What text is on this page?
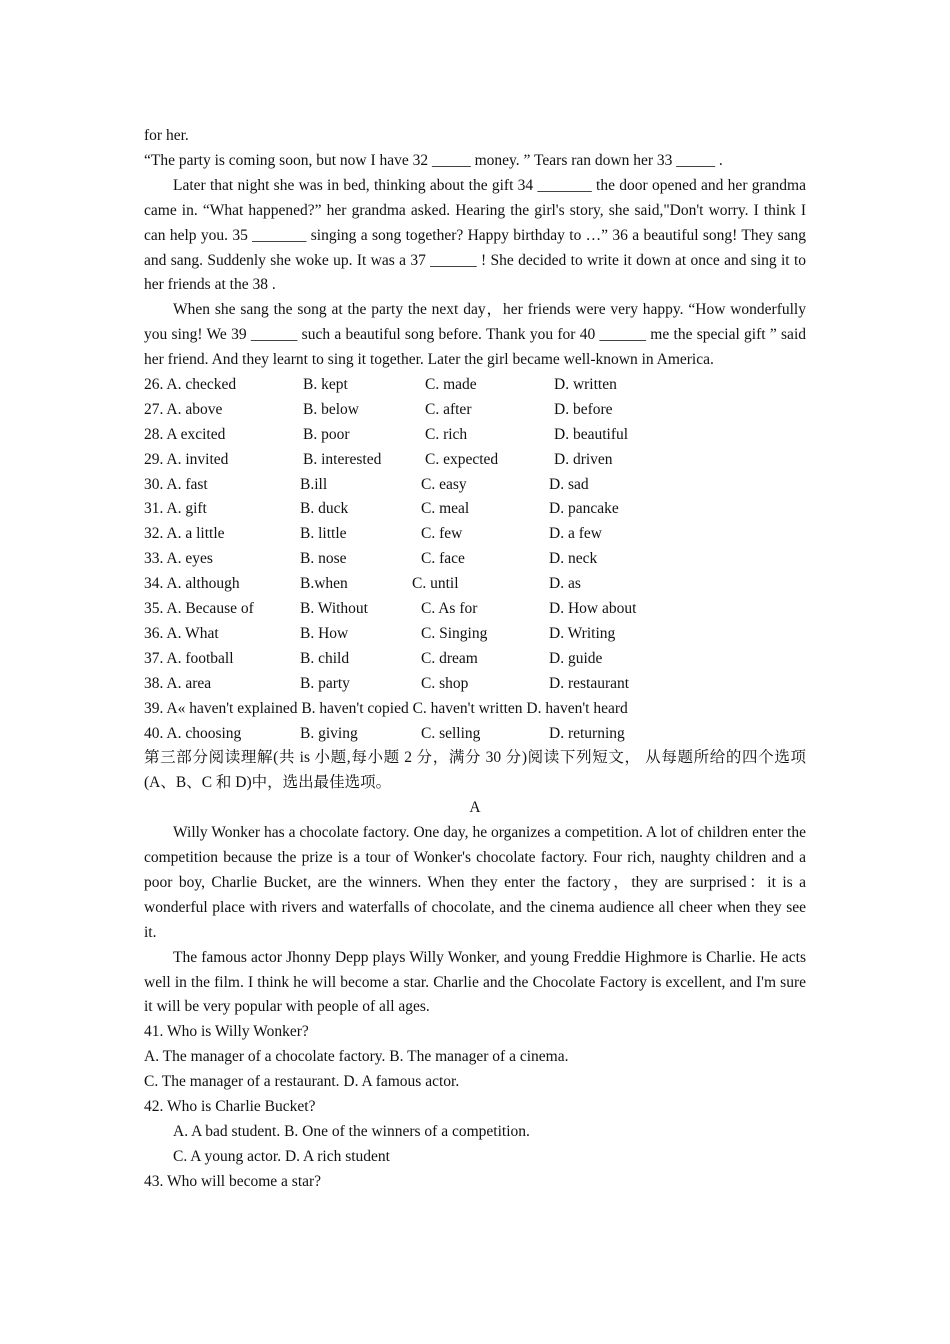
for her.
“The party is coming soon, but now I have 32 _____ money. ” Tears ran down her 33 _____ .
Later that night she was in bed, thinking about the gift 34 _______ the door opened and her grandma came in. “What happened?” her grandma asked. Hearing the girl's story, she said,"Don't worry. I think I can help you. 35 _______ singing a song together? Happy birthday to …” 36 a beautiful song! They sang and sang. Suddenly she woke up. It was a 37 ______ ! She decided to write it down at once and sing it to her friends at the 38 .
When she sang the song at the party the next day，her friends were very happy. “How wonderfully you sing! We 39 ______ such a beautiful song before. Thank you for 40 ______ me the special gift ” said her friend. And they learnt to sing it together. Later the girl became well-known in America.
26. A. checked	B. kept	C. made	D. written
27. A. above	B. below	C. after	D. before
28. A excited	B. poor	C. rich	D. beautiful
29. A. invited	B. interested	C. expected	D. driven
30. A. fast	B.ill	C. easy	D. sad
31. A. gift	B. duck	C. meal	D. pancake
32. A. a little	B. little	C. few	D. a few
33. A. eyes	B. nose	C. face	D. neck
34. A. although	B.when	C. until	D. as
35. A. Because of	B. Without	C. As for	D. How about
36. A. What	B. How	C. Singing	D. Writing
37. A. football	B. child	C. dream	D. guide
38. A. area	B. party	C. shop	D. restaurant
39. A« haven't explained B. haven't copied C. haven't written D. haven't heard
40. A. choosing	B. giving	C. selling	D. returning
第三部分阅读理解(共 is 小题,每小题 2 分，满分 30 分)阅读下列短文， 从每题所给的四个选项(A、B、C 和 D)中，选出最佳选项。
A
Willy Wonker has a chocolate factory. One day, he organizes a competition. A lot of children enter the competition because the prize is a tour of Wonker's chocolate factory. Four rich, naughty children and a poor boy, Charlie Bucket, are the winners. When they enter the factory，they are surprised：it is a wonderful place with rivers and waterfalls of chocolate, and the cinema audience all cheer when they see it.
The famous actor Jhonny Depp plays Willy Wonker, and young Freddie Highmore is Charlie. He acts well in the film. I think he will become a star. Charlie and the Chocolate Factory is excellent, and I'm sure it will be very popular with people of all ages.
41. Who is Willy Wonker?
A. The manager of a chocolate factory. B. The manager of a cinema.
C. The manager of a restaurant. D. A famous actor.
42. Who is Charlie Bucket?
A. A bad student. B. One of the winners of a competition.
C. A young actor. D. A rich student
43. Who will become a star?
